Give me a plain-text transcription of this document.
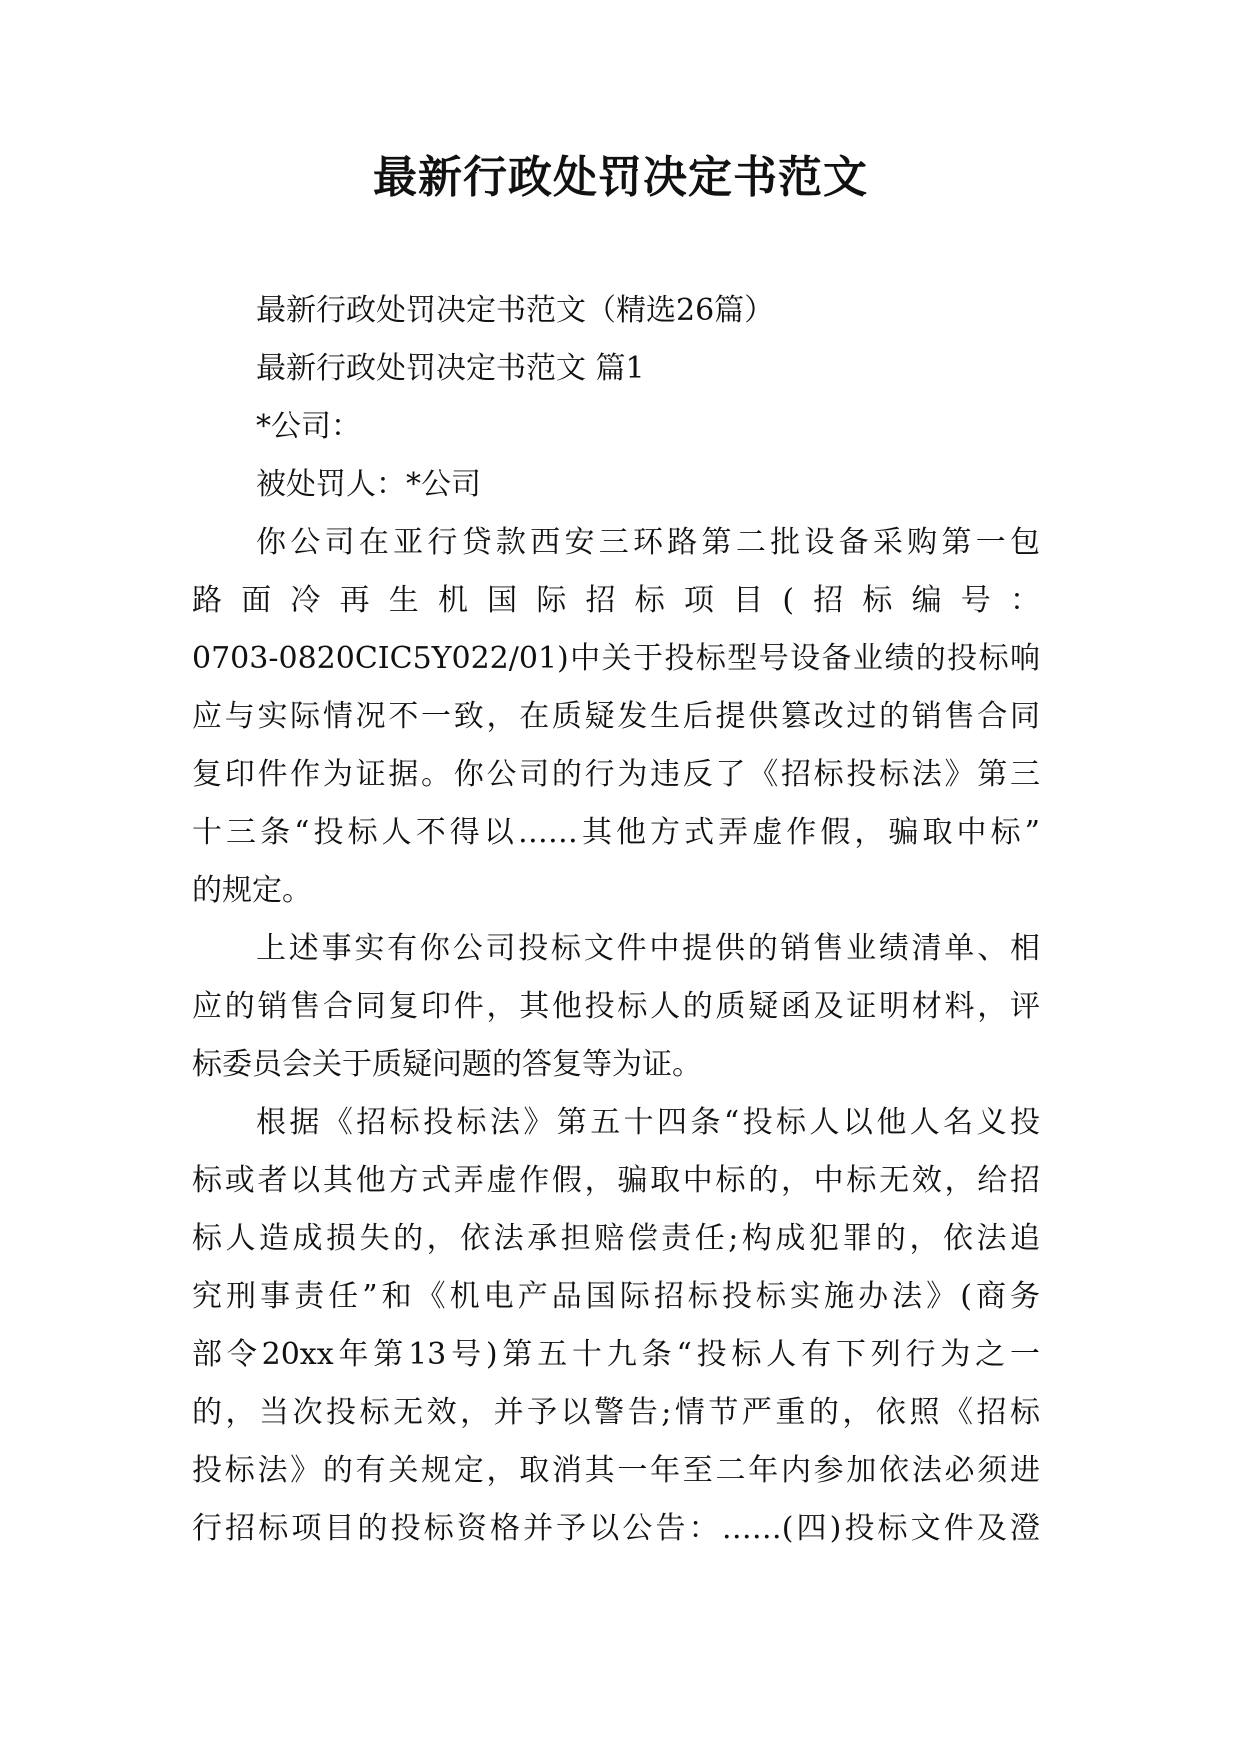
最新行政处罚决定书范文
最新行政处罚决定书范文（精选26篇）
最新行政处罚决定书范文 篇1
*公司：
被处罚人：*公司
你公司在亚行贷款西安三环路第二批设备采购第一包
路面冷再生机国际招标项目(招标编号：
0703-0820CIC5Y022/01)中关于投标型号设备业绩的投标响
应与实际情况不一致，在质疑发生后提供篡改过的销售合同
复印件作为证据。你公司的行为违反了《招标投标法》第三
十三条“投标人不得以……其他方式弄虚作假，骗取中标”
的规定。
上述事实有你公司投标文件中提供的销售业绩清单、相
应的销售合同复印件，其他投标人的质疑函及证明材料，评
标委员会关于质疑问题的答复等为证。
根据《招标投标法》第五十四条“投标人以他人名义投
标或者以其他方式弄虚作假，骗取中标的，中标无效，给招
标人造成损失的，依法承担赔偿责任;构成犯罪的，依法追
究刑事责任”和《机电产品国际招标投标实施办法》(商务
部令20xx年第13号)第五十九条“投标人有下列行为之一
的，当次投标无效，并予以警告;情节严重的，依照《招标
投标法》的有关规定，取消其一年至二年内参加依法必须进
行招标项目的投标资格并予以公告：……(四)投标文件及澄
